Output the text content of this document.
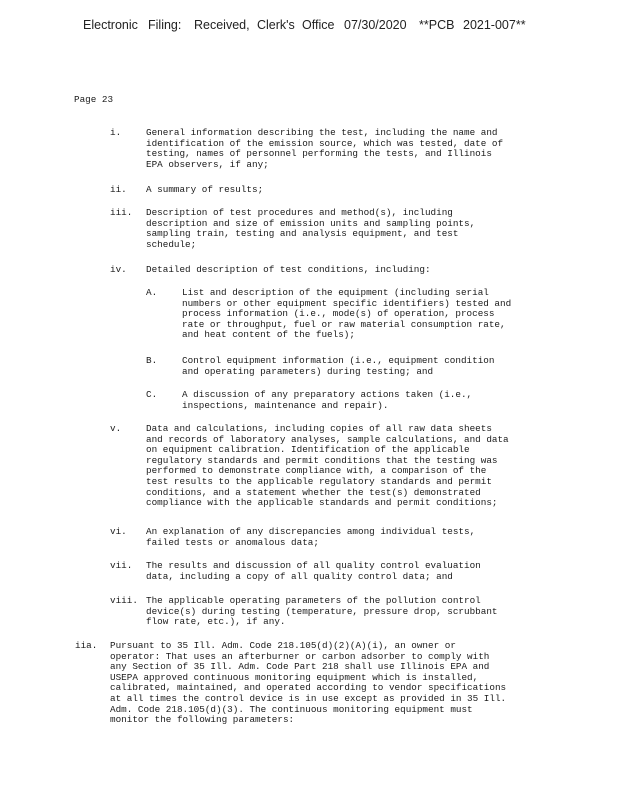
Electronic Filing: Received, Clerk's Office 07/30/2020 **PCB 2021-007**
Page 23
i.	General information describing the test, including the name and
identification of the emission source, which was tested, date of
testing, names of personnel performing the tests, and Illinois
EPA observers, if any;
ii. A summary of results;
iii. Description of test procedures and method(s), including
description and size of emission units and sampling points,
sampling train, testing and analysis equipment, and test
schedule;
iv. Detailed description of test conditions, including:
A.	List and description of the equipment (including serial
numbers or other equipment specific identifiers) tested and
process information (i.e., mode(s) of operation, process
rate or throughput, fuel or raw material consumption rate,
and heat content of the fuels);
B.	Control equipment information (i.e., equipment condition
and operating parameters) during testing; and
C.	A discussion of any preparatory actions taken (i.e.,
inspections, maintenance and repair).
v.	Data and calculations, including copies of all raw data sheets
and records of laboratory analyses, sample calculations, and data
on equipment calibration. Identification of the applicable
regulatory standards and permit conditions that the testing was
performed to demonstrate compliance with, a comparison of the
test results to the applicable regulatory standards and permit
conditions, and a statement whether the test(s) demonstrated
compliance with the applicable standards and permit conditions;
vi. An explanation of any discrepancies among individual tests,
failed tests or anomalous data;
vii. The results and discussion of all quality control evaluation
data, including a copy of all quality control data; and
viii. The applicable operating parameters of the pollution control
device(s) during testing (temperature, pressure drop, scrubbant
flow rate, etc.), if any.
iia. Pursuant to 35 Ill. Adm. Code 218.105(d)(2)(A)(i), an owner or
operator: That uses an afterburner or carbon adsorber to comply with
any Section of 35 Ill. Adm. Code Part 218 shall use Illinois EPA and
USEPA approved continuous monitoring equipment which is installed,
calibrated, maintained, and operated according to vendor specifications
at all times the control device is in use except as provided in 35 Ill.
Adm. Code 218.105(d)(3). The continuous monitoring equipment must
monitor the following parameters:
